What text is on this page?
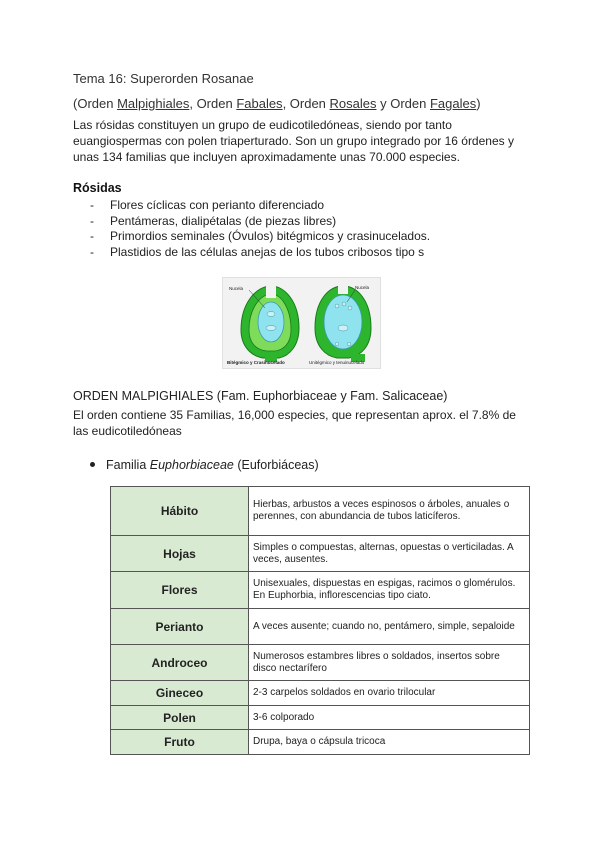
Tema 16: Superorden Rosanae
(Orden Malpighiales, Orden Fabales, Orden Rosales y Orden Fagales)
Las rósidas constituyen un grupo de eudicotiledóneas, siendo por tanto euangiospermas con polen triaperturado. Son un grupo integrado por 16 órdenes y unas 134 familias que incluyen aproximadamente unas 70.000 especies.
Rósidas
- Flores cíclicas con perianto diferenciado
- Pentámeras, dialipétalas (de piezas libres)
- Primordios seminales (Óvulos) bitégmicos y crasinucelados.
- Plastidios de las células anejas de los tubos cribosos tipo s
Nucela
Bitégmico y Crasinucelado
Nucela
Unitégmico y tenuinucelado
ORDEN MALPIGHIALES (Fam. Euphorbiaceae y Fam. Salicaceae)
El orden contiene 35 Familias, 16,000 especies, que representan aprox. el 7.8% de las eudicotiledóneas
Familia Euphorbiaceae (Euforbiáceas)
Hábito	Hierbas, arbustos a veces espinosos o árboles, anuales o perennes, con abundancia de tubos laticíferos.
Hojas	Simples o compuestas, alternas, opuestas o verticiladas. A veces, ausentes.
Flores	Unisexuales, dispuestas en espigas, racimos o glomérulos. En Euphorbia, inflorescencias tipo ciato.
Perianto	A veces ausente; cuando no, pentámero, simple, sepaloide
Androceo	Numerosos estambres libres o soldados, insertos sobre disco nectarífero
Gineceo	2-3 carpelos soldados en ovario trilocular
Polen	3-6 colporado
Fruto	Drupa, baya o cápsula tricoca
